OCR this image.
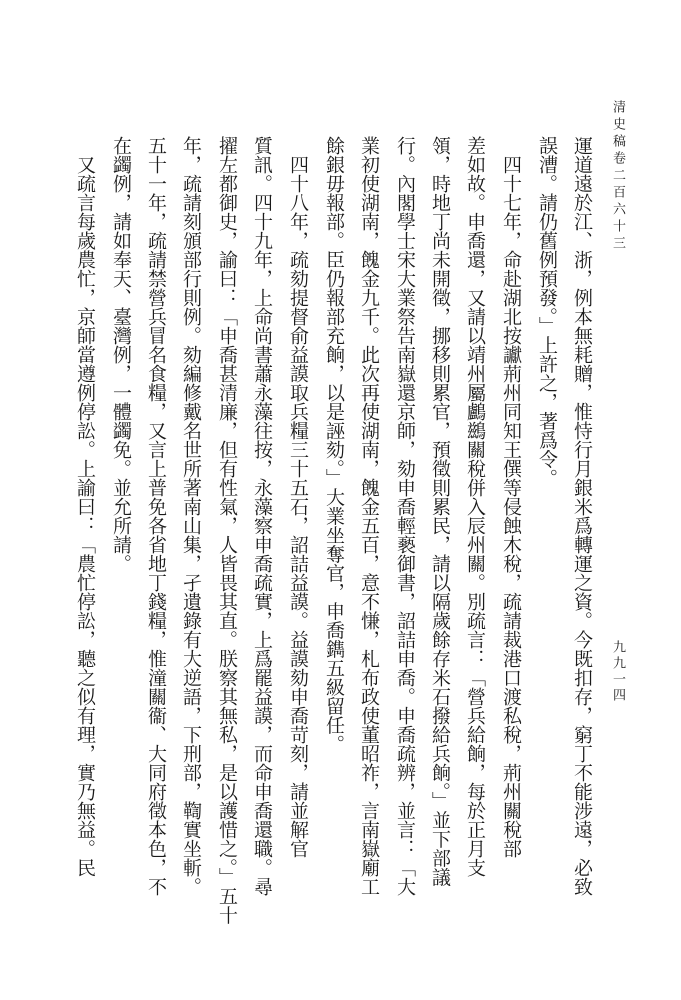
清史稿卷二百六十三
九九一四
運道遠於江、浙，例本無耗贈，惟恃行月銀米爲轉運之資。今既扣存，窮丁不能涉遠，必致
誤漕。請仍舊例預發。」上許之，著爲令。
四十七年，命赴湖北按讞荊州同知王僎等侵蝕木稅，疏請裁港口渡私稅，荊州關稅部
差如故。申喬還，又請以靖州屬鸕鷀關稅併入辰州關。別疏言：「營兵給餉，每於正月支
領，時地丁尚未開徵，挪移則累官，預徵則累民，請以隔歲餘存米石撥給兵餉。」並下部議
行。內閣學士宋大業祭告南嶽還京師，劾申喬輕褻御書，詔詰申喬。申喬疏辨，並言：「大
業初使湖南，餽金九千。此次再使湖南，餽金五百，意不慊，札布政使董昭祚，言南嶽廟工
餘銀毋報部。臣仍報部充餉，以是誣劾。」大業坐奪官，申喬鐫五級留任。
四十八年，疏劾提督俞益謨取兵糧三十五石，詔詰益謨。益謨劾申喬苛刻，請並解官
質訊。四十九年，上命尚書蕭永藻往按，永藻察申喬疏實，上爲罷益謨，而命申喬還職。尋
擢左都御史，諭曰：「申喬甚清廉，但有性氣，人皆畏其直。朕察其無私，是以護惜之。」五十
年，疏請刻頒部行則例。劾編修戴名世所著南山集，孑遺錄有大逆語，下刑部，鞫實坐斬。
五十一年，疏請禁營兵冒名食糧，又言上普免各省地丁錢糧，惟潼關衞、大同府徵本色，不
在蠲例，請如奉天、臺灣例，一體蠲免。並允所請。
又疏言每歲農忙，京師當遵例停訟。上諭曰：「農忙停訟，聽之似有理，實乃無益。民
